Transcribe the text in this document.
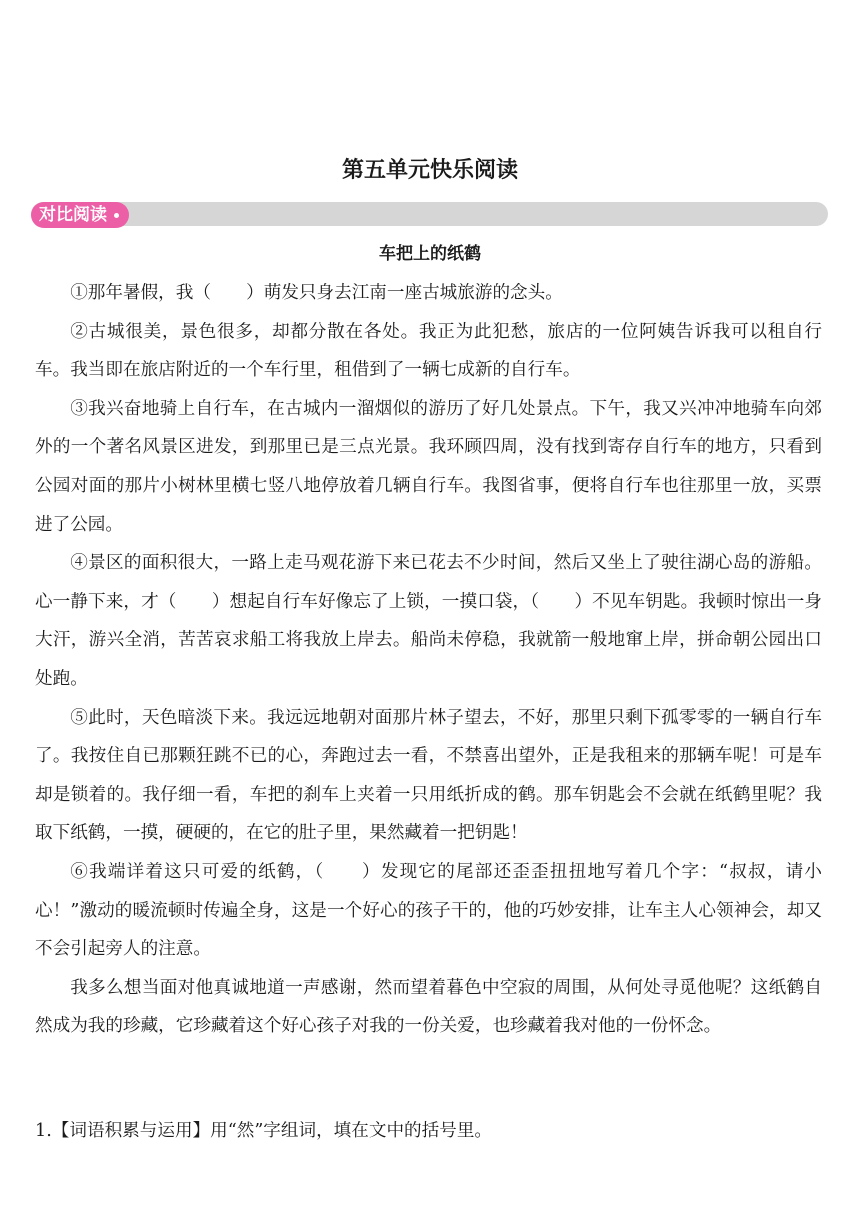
第五单元快乐阅读
对比阅读
车把上的纸鹤

①那年暑假，我（　　）萌发只身去江南一座古城旅游的念头。

②古城很美，景色很多，却都分散在各处。我正为此犯愁，旅店的一位阿姨告诉我可以租自行车。我当即在旅店附近的一个车行里，租借到了一辆七成新的自行车。

③我兴奋地骑上自行车，在古城内一溜烟似的游历了好几处景点。下午，我又兴冲冲地骑车向郊外的一个著名风景区进发，到那里已是三点光景。我环顾四周，没有找到寄存自行车的地方，只看到公园对面的那片小树林里横七竖八地停放着几辆自行车。我图省事，便将自行车也往那里一放，买票进了公园。

④景区的面积很大，一路上走马观花游下来已花去不少时间，然后又坐上了驶往湖心岛的游船。心一静下来，才（　　）想起自行车好像忘了上锁，一摸口袋，（　　）不见车钥匙。我顿时惊出一身大汗，游兴全消，苦苦哀求船工将我放上岸去。船尚未停稳，我就箭一般地窜上岸，拼命朝公园出口处跑。

⑤此时，天色暗淡下来。我远远地朝对面那片林子望去，不好，那里只剩下孤零零的一辆自行车了。我按住自已那颗狂跳不已的心，奔跑过去一看，不禁喜出望外，正是我租来的那辆车呢！可是车却是锁着的。我仔细一看，车把的刹车上夹着一只用纸折成的鹤。那车钥匙会不会就在纸鹤里呢？我取下纸鹤，一摸，硬硬的，在它的肚子里，果然藏着一把钥匙！

⑥我端详着这只可爱的纸鹤，（　　）发现它的尾部还歪歪扭扭地写着几个字：“叔叔，请小心！”激动的暖流顿时传遍全身，这是一个好心的孩子干的，他的巧妙安排，让车主人心领神会，却又不会引起旁人的注意。

我多么想当面对他真诚地道一声感谢，然而望着暮色中空寂的周围，从何处寻觅他呢？这纸鹤自然成为我的珍藏，它珍藏着这个好心孩子对我的一份关爱，也珍藏着我对他的一份怀念。

1.【词语积累与运用】用“然”字组词，填在文中的括号里。
